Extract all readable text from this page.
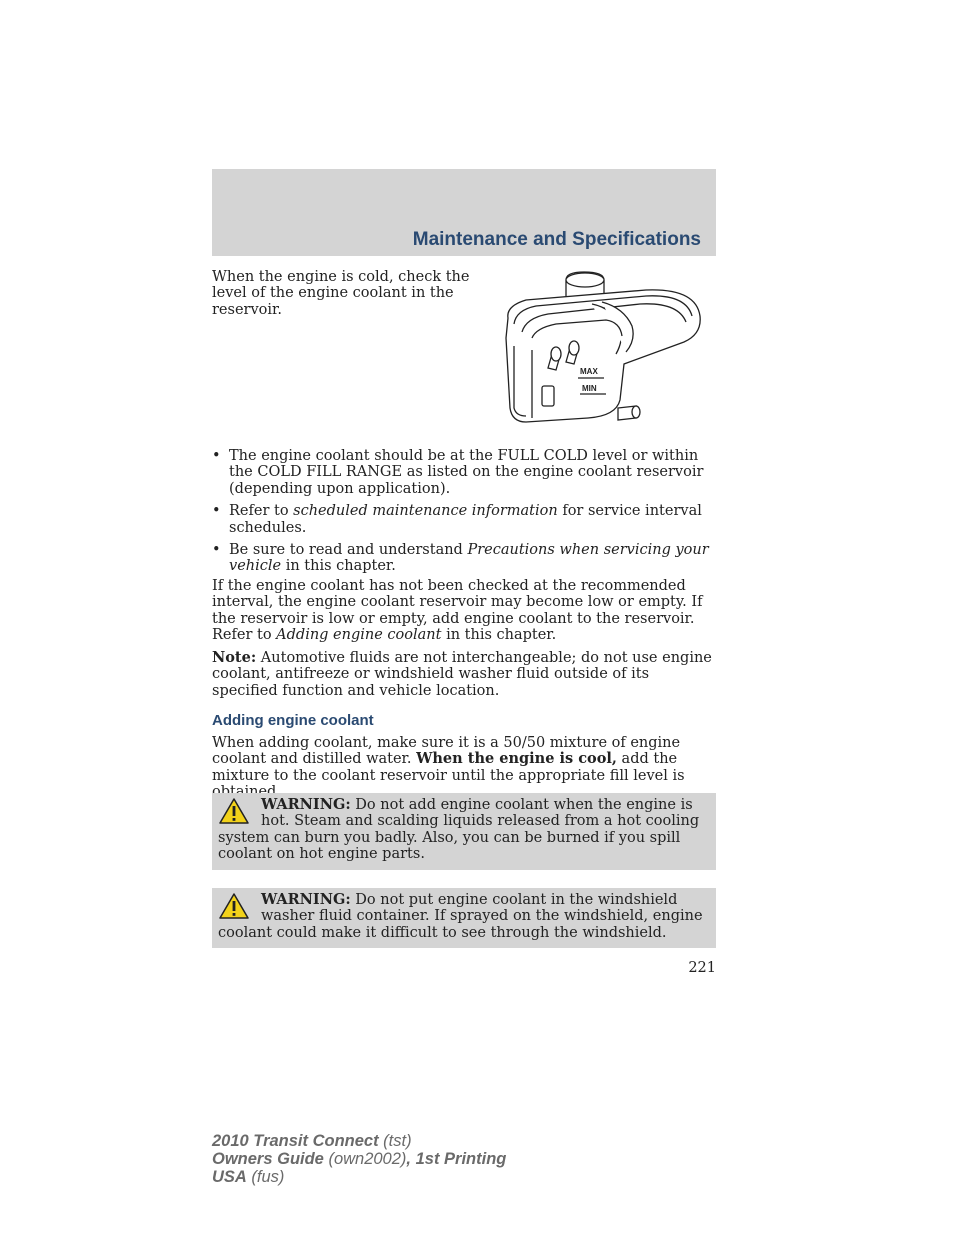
Maintenance and Specifications
When the engine is cold, check the level of the engine coolant in the reservoir.
MAX
MIN
• The engine coolant should be at the FULL COLD level or within the COLD FILL RANGE as listed on the engine coolant reservoir (depending upon application).
• Refer to scheduled maintenance information for service interval schedules.
• Be sure to read and understand Precautions when servicing your vehicle in this chapter.

If the engine coolant has not been checked at the recommended interval, the engine coolant reservoir may become low or empty. If the reservoir is low or empty, add engine coolant to the reservoir. Refer to Adding engine coolant in this chapter.

Note: Automotive fluids are not interchangeable; do not use engine coolant, antifreeze or windshield washer fluid outside of its specified function and vehicle location.

Adding engine coolant

When adding coolant, make sure it is a 50/50 mixture of engine coolant and distilled water. When the engine is cool, add the mixture to the coolant reservoir until the appropriate fill level is

WARNING: Do not add engine coolant when the engine is hot. Steam and scalding liquids released from a hot cooling system can burn you badly. Also, you can be burned if you spill coolant on hot engine parts.
WARNING: Do not put engine coolant in the windshield washer fluid container. If sprayed on the windshield, engine coolant could make it difficult to see through the windshield.
221
2010 Transit Connect (tst)
Owners Guide (own2002), 1st Printing
USA (fus)
